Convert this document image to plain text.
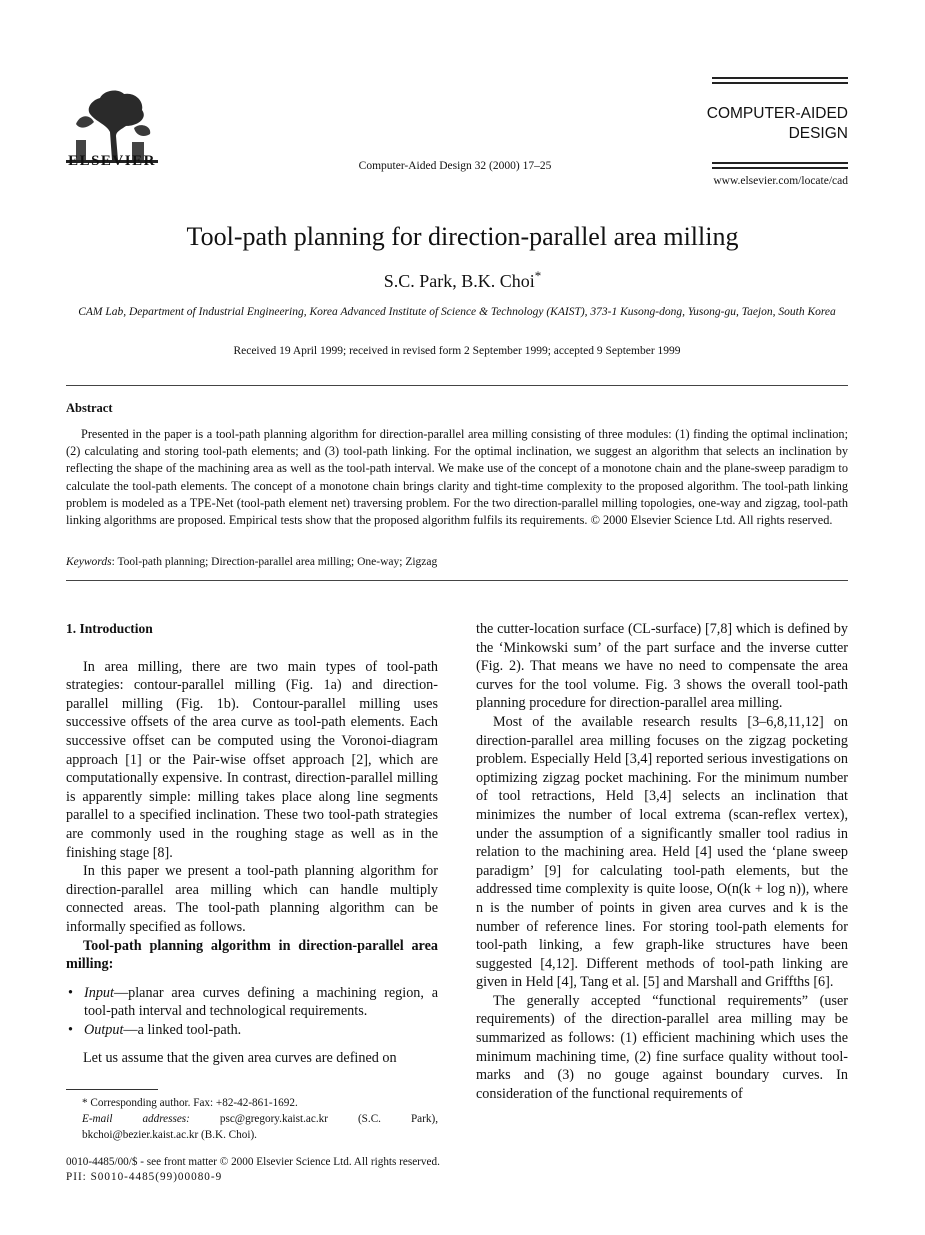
ELSEVIER	Computer-Aided Design 32 (2000) 17–25
COMPUTER-AIDED
DESIGN
www.elsevier.com/locate/cad
Tool-path planning for direction-parallel area milling
S.C. Park, B.K. Choi*
CAM Lab, Department of Industrial Engineering, Korea Advanced Institute of Science & Technology (KAIST), 373-1 Kusong-dong, Yusong-gu, Taejon, South Korea
Received 19 April 1999; received in revised form 2 September 1999; accepted 9 September 1999
Abstract
Presented in the paper is a tool-path planning algorithm for direction-parallel area milling consisting of three modules: (1) finding the optimal inclination; (2) calculating and storing tool-path elements; and (3) tool-path linking. For the optimal inclination, we suggest an algorithm that selects an inclination by reflecting the shape of the machining area as well as the tool-path interval. We make use of the concept of a monotone chain and the plane-sweep paradigm to calculate the tool-path elements. The concept of a monotone chain brings clarity and tight-time complexity to the proposed algorithm. The tool-path linking problem is modeled as a TPE-Net (tool-path element net) traversing problem. For the two direction-parallel milling topologies, one-way and zigzag, tool-path linking algorithms are proposed. Empirical tests show that the proposed algorithm fulfils its requirements. © 2000 Elsevier Science Ltd. All rights reserved.
Keywords: Tool-path planning; Direction-parallel area milling; One-way; Zigzag
1. Introduction

In area milling, there are two main types of tool-path strategies: contour-parallel milling (Fig. 1a) and direction-parallel milling (Fig. 1b). Contour-parallel milling uses successive offsets of the area curve as tool-path elements. Each successive offset can be computed using the Voronoi-diagram approach [1] or the Pair-wise offset approach [2], which are computationally expensive. In contrast, direction-parallel milling is apparently simple: milling takes place along line segments parallel to a specified inclination. These two tool-path strategies are commonly used in the roughing stage as well as in the finishing stage [8].

In this paper we present a tool-path planning algorithm for direction-parallel area milling which can handle multiply connected areas. The tool-path planning algorithm can be informally specified as follows.

Tool-path planning algorithm in direction-parallel area milling:

• Input—planar area curves defining a machining region, a tool-path interval and technological requirements.
• Output—a linked tool-path.

Let us assume that the given area curves are defined on

the cutter-location surface (CL-surface) [7,8] which is defined by the ‘Minkowski sum’ of the part surface and the inverse cutter (Fig. 2). That means we have no need to compensate the area curves for the tool volume. Fig. 3 shows the overall tool-path planning procedure for direction-parallel area milling.

Most of the available research results [3–6,8,11,12] on direction-parallel area milling focuses on the zigzag pocketing problem. Especially Held [3,4] reported serious investigations on optimizing zigzag pocket machining. For the minimum number of tool retractions, Held [3,4] selects an inclination that minimizes the number of local extrema (scan-reflex vertex), under the assumption of a significantly smaller tool radius in relation to the machining area. Held [4] used the ‘plane sweep paradigm’ [9] for calculating tool-path elements, but the addressed time complexity is quite loose, O(n(k + log n)), where n is the number of points in given area curves and k is the number of reference lines. For storing tool-path elements for tool-path linking, a few graph-like structures have been suggested [4,12]. Different methods of tool-path linking are given in Held [4], Tang et al. [5] and Marshall and Griffths [6].

The generally accepted “functional requirements” (user requirements) of the direction-parallel area milling may be summarized as follows: (1) efficient machining which uses the minimum machining time, (2) fine surface quality without tool-marks and (3) no gouge against boundary curves. In consideration of the functional requirements of

* Corresponding author. Fax: +82-42-861-1692.

E-mail addresses: psc@gregory.kaist.ac.kr (S.C. Park), bkchoi@bezier.kaist.ac.kr (B.K. Choi).

0010-4485/00/$ - see front matter © 2000 Elsevier Science Ltd. All rights reserved.
PII: S0010-4485(99)00080-9
